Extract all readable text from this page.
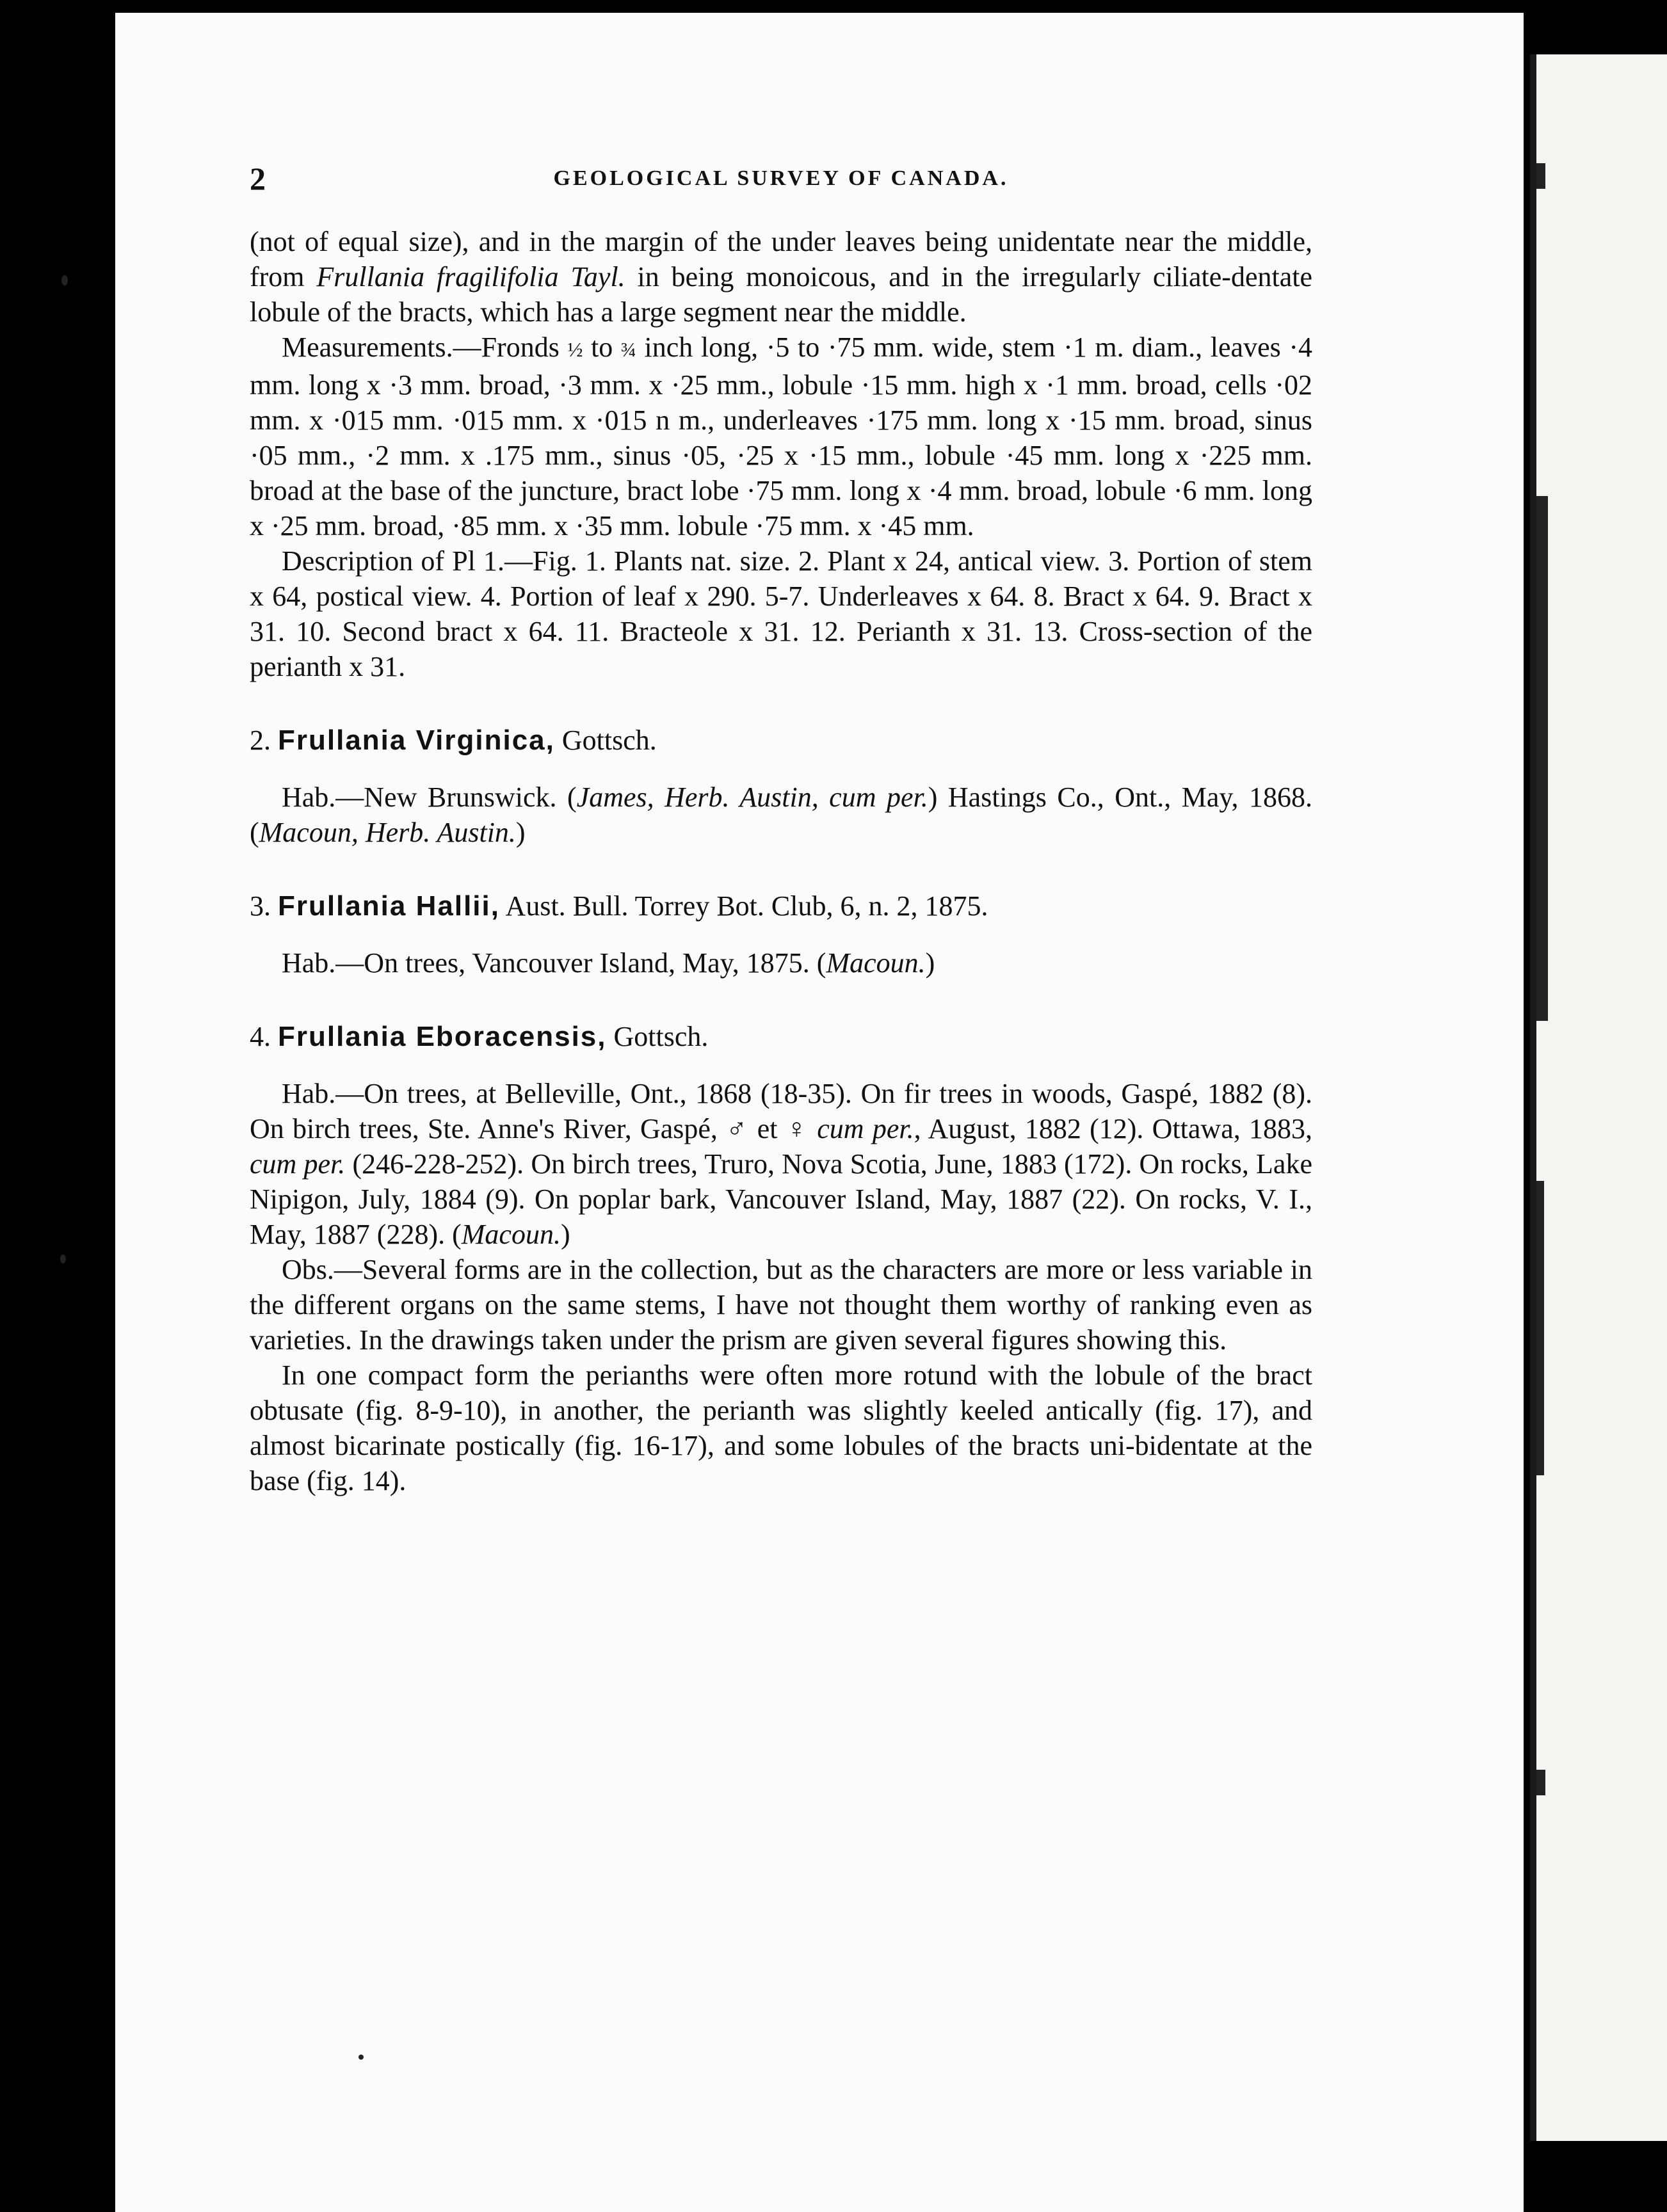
2	GEOLOGICAL SURVEY OF CANADA.

(not of equal size), and in the margin of the under leaves being unidentate near the middle, from Frullania fragilifolia Tayl. in being monoicous, and in the irregularly ciliate-dentate lobule of the bracts, which has a large segment near the middle.

Measurements.—Fronds ½ to ¾ inch long, ·5 to ·75 mm. wide, stem ·1 m. diam., leaves ·4 mm. long x ·3 mm. broad, ·3 mm. x ·25 mm., lobule ·15 mm. high x ·1 mm. broad, cells ·02 mm. x ·015 mm. ·015 mm. x ·015 n m., underleaves ·175 mm. long x ·15 mm. broad, sinus ·05 mm., ·2 mm. x .175 mm., sinus ·05, ·25 x ·15 mm., lobule ·45 mm. long x ·225 mm. broad at the base of the juncture, bract lobe ·75 mm. long x ·4 mm. broad, lobule ·6 mm. long x ·25 mm. broad, ·85 mm. x ·35 mm. lobule ·75 mm. x ·45 mm.

Description of Pl 1.—Fig. 1. Plants nat. size. 2. Plant x 24, antical view. 3. Portion of stem x 64, postical view. 4. Portion of leaf x 290. 5-7. Underleaves x 64. 8. Bract x 64. 9. Bract x 31. 10. Second bract x 64. 11. Bracteole x 31. 12. Perianth x 31. 13. Cross-section of the perianth x 31.

2. Frullania Virginica, Gottsch.

Hab.—New Brunswick. (James, Herb. Austin, cum per.) Hastings Co., Ont., May, 1868. (Macoun, Herb. Austin.)

3. Frullania Hallii, Aust. Bull. Torrey Bot. Club, 6, n. 2, 1875.

Hab.—On trees, Vancouver Island, May, 1875. (Macoun.)

4. Frullania Eboracensis, Gottsch.

Hab.—On trees, at Belleville, Ont., 1868 (18-35). On fir trees in woods, Gaspé, 1882 (8). On birch trees, Ste. Anne's River, Gaspé, ♂ et ♀ cum per., August, 1882 (12). Ottawa, 1883, cum per. (246-228-252). On birch trees, Truro, Nova Scotia, June, 1883 (172). On rocks, Lake Nipigon, July, 1884 (9). On poplar bark, Vancouver Island, May, 1887 (22). On rocks, V. I., May, 1887 (228). (Macoun.)

Obs.—Several forms are in the collection, but as the characters are more or less variable in the different organs on the same stems, I have not thought them worthy of ranking even as varieties. In the drawings taken under the prism are given several figures showing this.

In one compact form the perianths were often more rotund with the lobule of the bract obtusate (fig. 8-9-10), in another, the perianth was slightly keeled antically (fig. 17), and almost bicarinate postically (fig. 16-17), and some lobules of the bracts uni-bidentate at the base (fig. 14).
